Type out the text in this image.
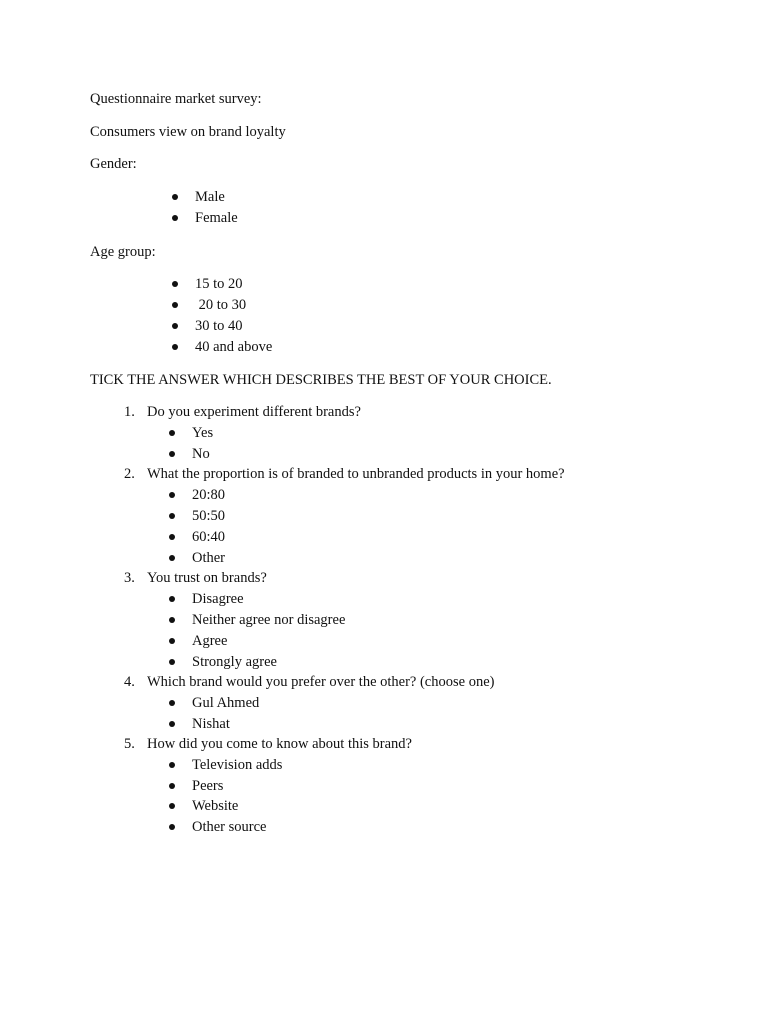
Questionnaire market survey:
Consumers view on brand loyalty
Gender:
Male
Female
Age group:
15 to 20
20 to 30
30 to 40
40 and above
TICK THE ANSWER WHICH DESCRIBES THE BEST OF YOUR CHOICE.
1. Do you experiment different brands?
Yes
No
2. What the proportion is of branded to unbranded products in your home?
20:80
50:50
60:40
Other
3. You trust on brands?
Disagree
Neither agree nor disagree
Agree
Strongly agree
4. Which brand would you prefer over the other? (choose one)
Gul Ahmed
Nishat
5. How did you come to know about this brand?
Television adds
Peers
Website
Other source
